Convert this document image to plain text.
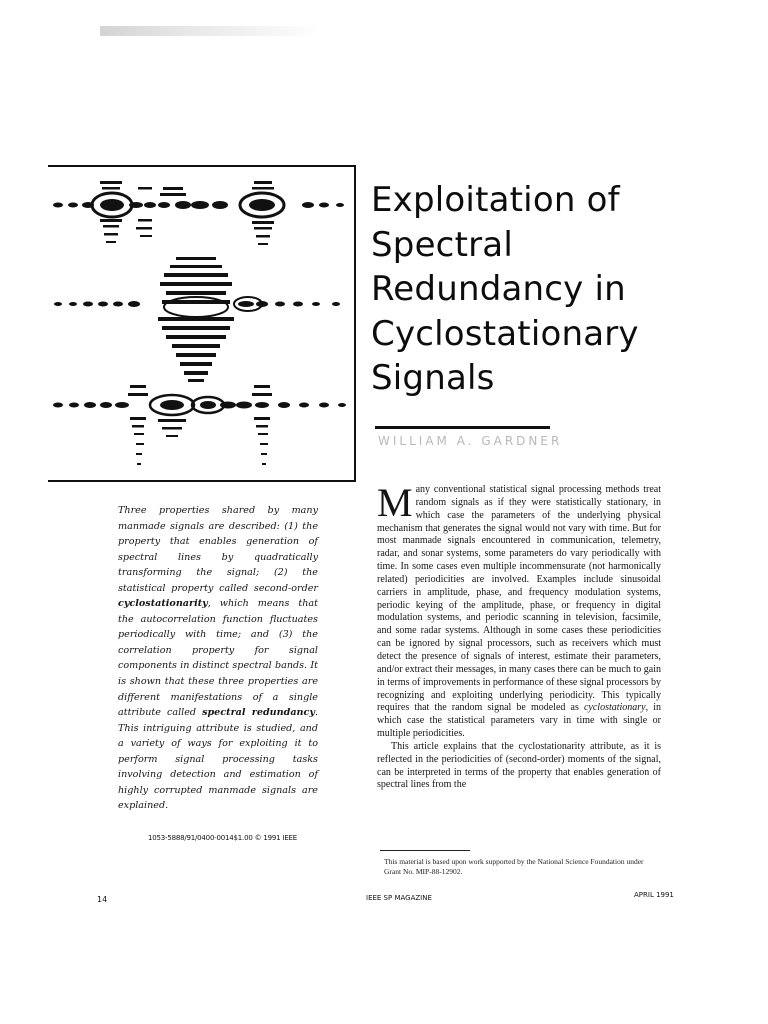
Exploitation of
Spectral
Redundancy in
Cyclostationary
Signals
WILLIAM A. GARDNER
Three properties shared by many manmade signals are described: (1) the property that enables generation of spectral lines by quadratically transforming the signal; (2) the statistical property called second-order cyclostationarity, which means that the autocorrelation function fluctuates periodically with time; and (3) the correlation property for signal components in distinct spectral bands. It is shown that these three properties are different manifestations of a single attribute called spectral redundancy. This intriguing attribute is studied, and a variety of ways for exploiting it to perform signal processing tasks involving detection and estimation of highly corrupted manmade signals are explained.
1053-5888/91/0400-0014$1.00 © 1991 IEEE

Many conventional statistical signal processing methods treat random signals as if they were statistically stationary, in which case the parameters of the underlying physical mechanism that generates the signal would not vary with time. But for most manmade signals encountered in communication, telemetry, radar, and sonar systems, some parameters do vary periodically with time. In some cases even multiple incommensurate (not harmonically related) periodicities are involved. Examples include sinusoidal carriers in amplitude, phase, and frequency modulation systems, periodic keying of the amplitude, phase, or frequency in digital modulation systems, and periodic scanning in television, facsimile, and some radar systems. Although in some cases these periodicities can be ignored by signal processors, such as receivers which must detect the presence of signals of interest, estimate their parameters, and/or extract their messages, in many cases there can be much to gain in terms of improvements in performance of these signal processors by recognizing and exploiting underlying periodicity. This typically requires that the random signal be modeled as cyclostationary, in which case the statistical parameters vary in time with single or multiple periodicities.

This article explains that the cyclostationarity attribute, as it is reflected in the periodicities of (second-order) moments of the signal, can be interpreted in terms of the property that enables generation of spectral lines from the

This material is based upon work supported by the National Science Foundation under Grant No. MIP-88-12902.
14	IEEE SP MAGAZINE	APRIL 1991
